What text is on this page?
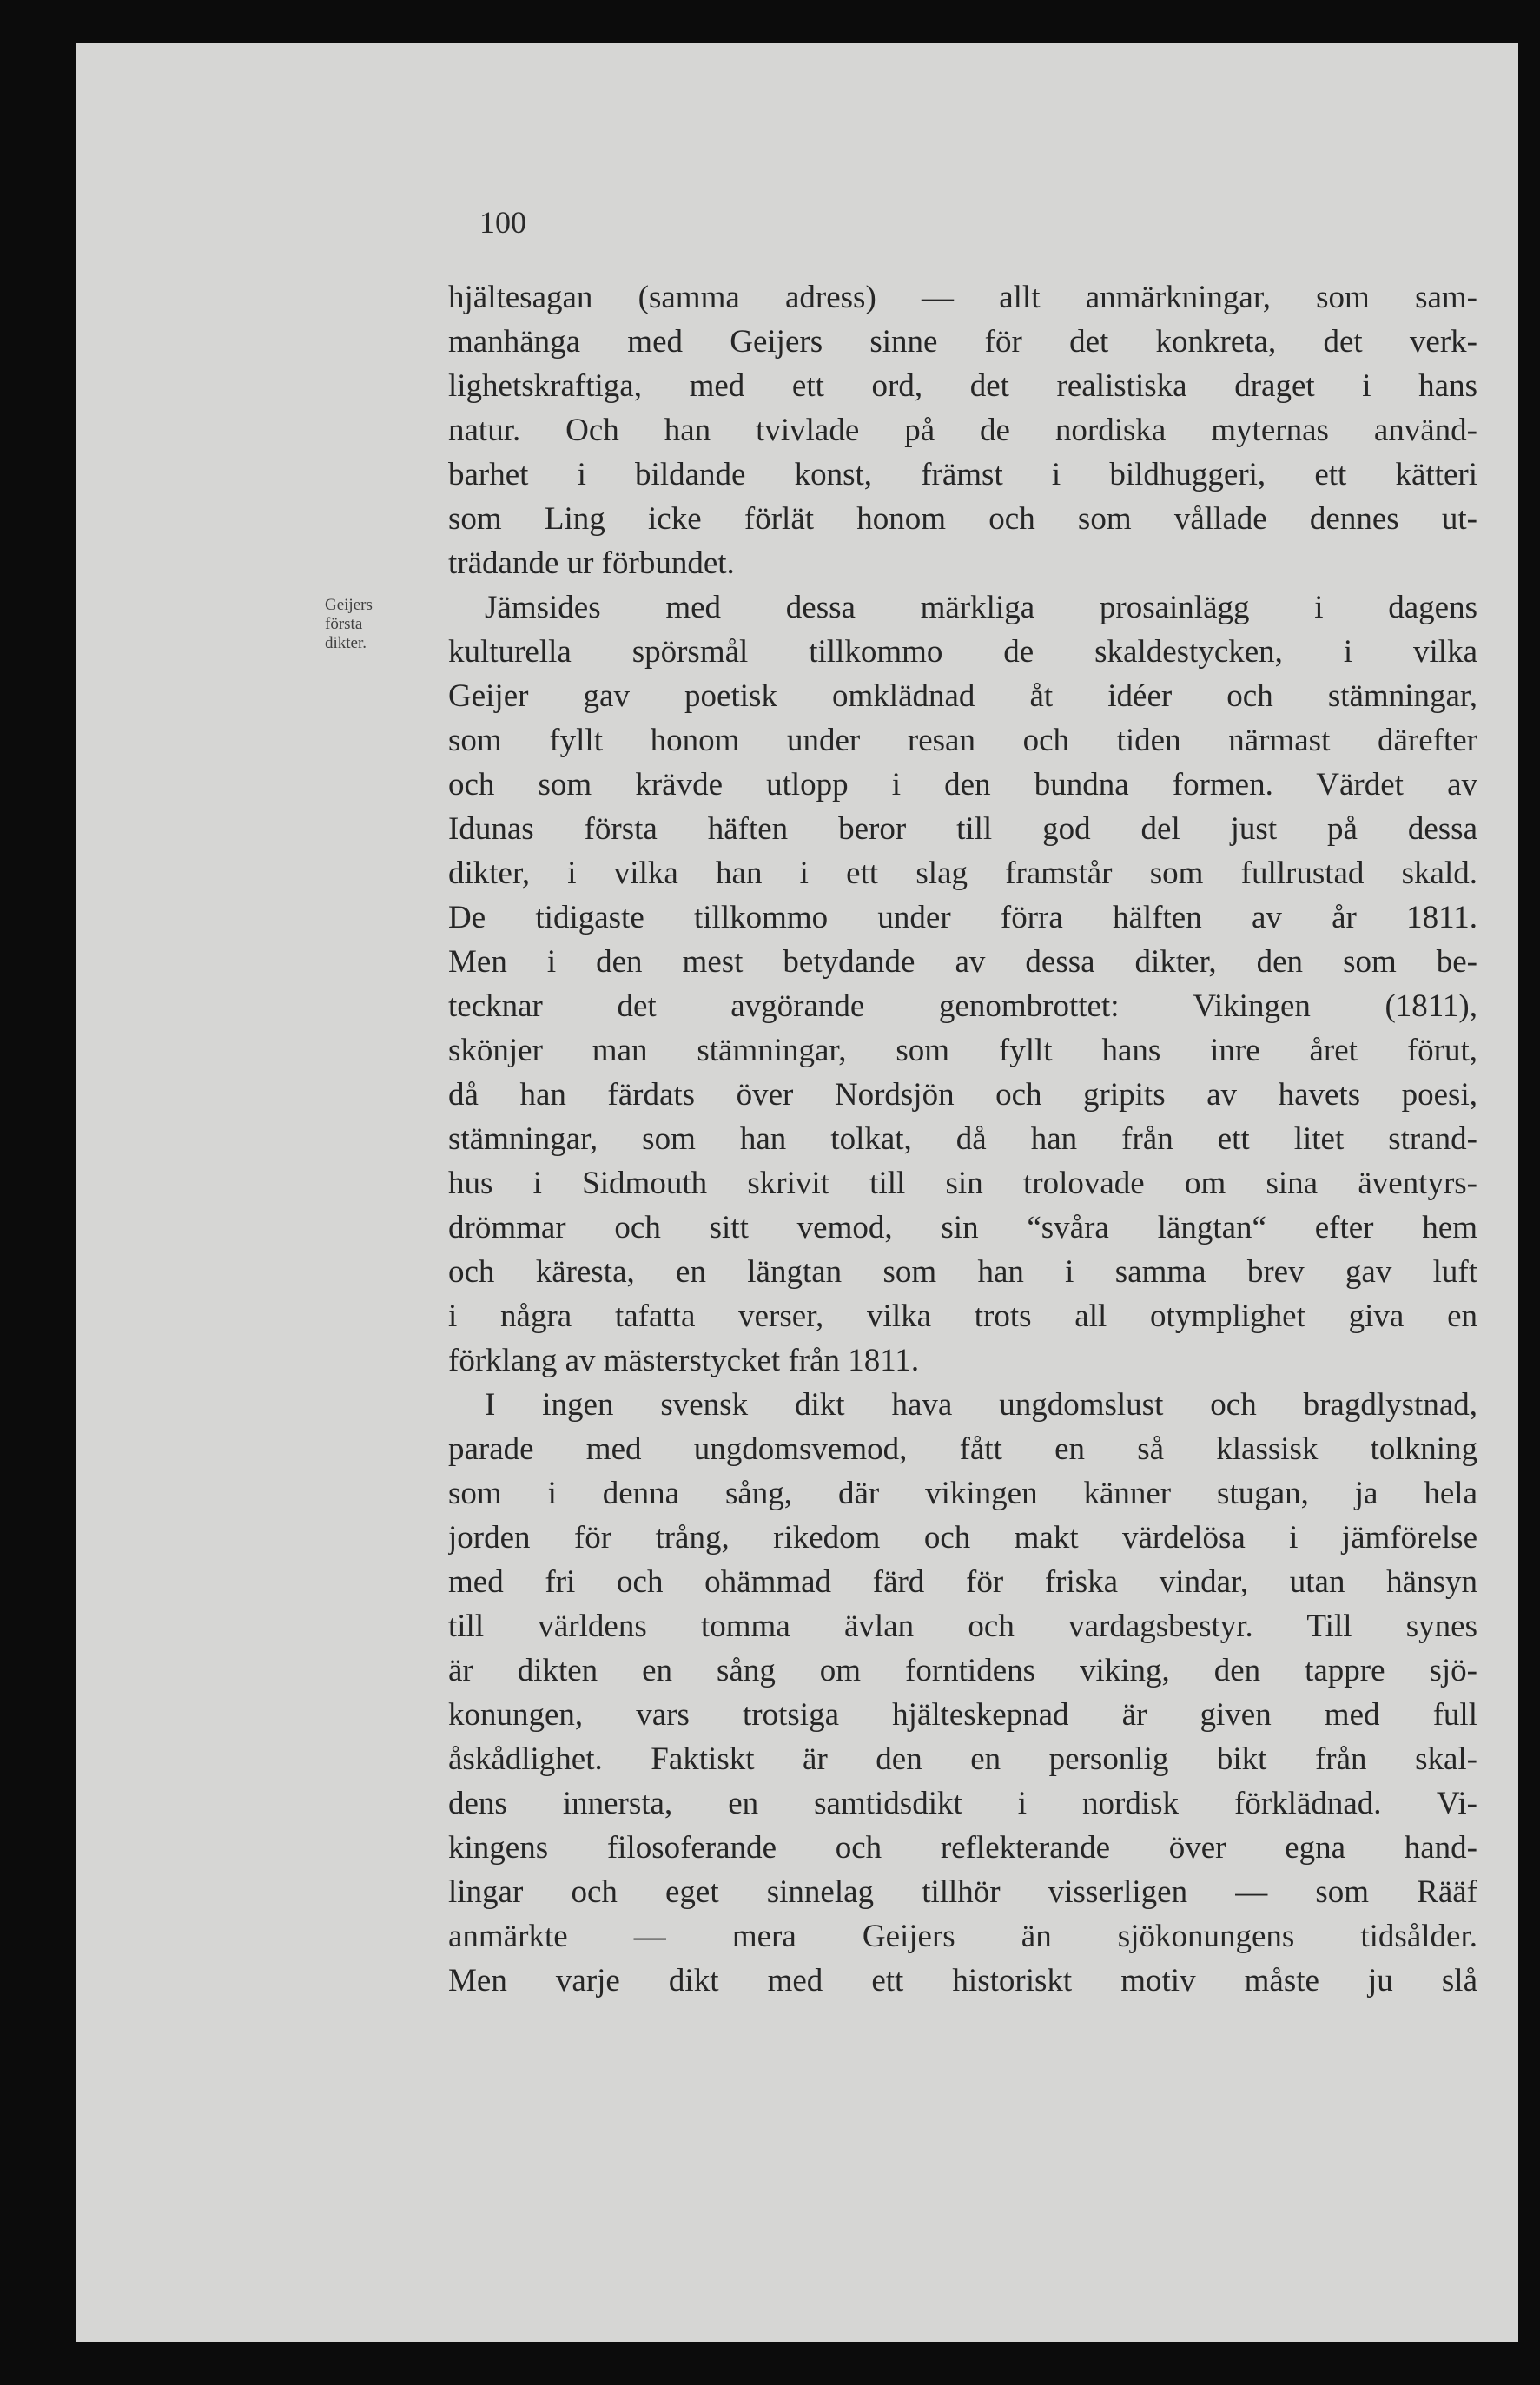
100

Geijers
första
dikter.
hjältesagan (samma adress) — allt anmärkningar, som sam-
manhänga med Geijers sinne för det konkreta, det verk-
lighetskraftiga, med ett ord, det realistiska draget i hans
natur. Och han tvivlade på de nordiska myternas använd-
barhet i bildande konst, främst i bildhuggeri, ett kätteri
som Ling icke förlät honom och som vållade dennes ut-
trädande ur förbundet.
Jämsides med dessa märkliga prosainlägg i dagens
kulturella spörsmål tillkommo de skaldestycken, i vilka
Geijer gav poetisk omklädnad åt idéer och stämningar,
som fyllt honom under resan och tiden närmast därefter
och som krävde utlopp i den bundna formen. Värdet av
Idunas första häften beror till god del just på dessa
dikter, i vilka han i ett slag framstår som fullrustad skald.
De tidigaste tillkommo under förra hälften av år 1811.
Men i den mest betydande av dessa dikter, den som be-
tecknar det avgörande genombrottet: Vikingen (1811),
skönjer man stämningar, som fyllt hans inre året förut,
då han färdats över Nordsjön och gripits av havets poesi,
stämningar, som han tolkat, då han från ett litet strand-
hus i Sidmouth skrivit till sin trolovade om sina äventyrs-
drömmar och sitt vemod, sin “svåra längtan“ efter hem
och käresta, en längtan som han i samma brev gav luft
i några tafatta verser, vilka trots all otymplighet giva en
förklang av mästerstycket från 1811.
I ingen svensk dikt hava ungdomslust och bragdlystnad,
parade med ungdomsvemod, fått en så klassisk tolkning
som i denna sång, där vikingen känner stugan, ja hela
jorden för trång, rikedom och makt värdelösa i jämförelse
med fri och ohämmad färd för friska vindar, utan hänsyn
till världens tomma ävlan och vardagsbestyr. Till synes
är dikten en sång om forntidens viking, den tappre sjö-
konungen, vars trotsiga hjälteskepnad är given med full
åskådlighet. Faktiskt är den en personlig bikt från skal-
dens innersta, en samtidsdikt i nordisk förklädnad. Vi-
kingens filosoferande och reflekterande över egna hand-
lingar och eget sinnelag tillhör visserligen — som Rääf
anmärkte — mera Geijers än sjökonungens tidsålder.
Men varje dikt med ett historiskt motiv måste ju slå
